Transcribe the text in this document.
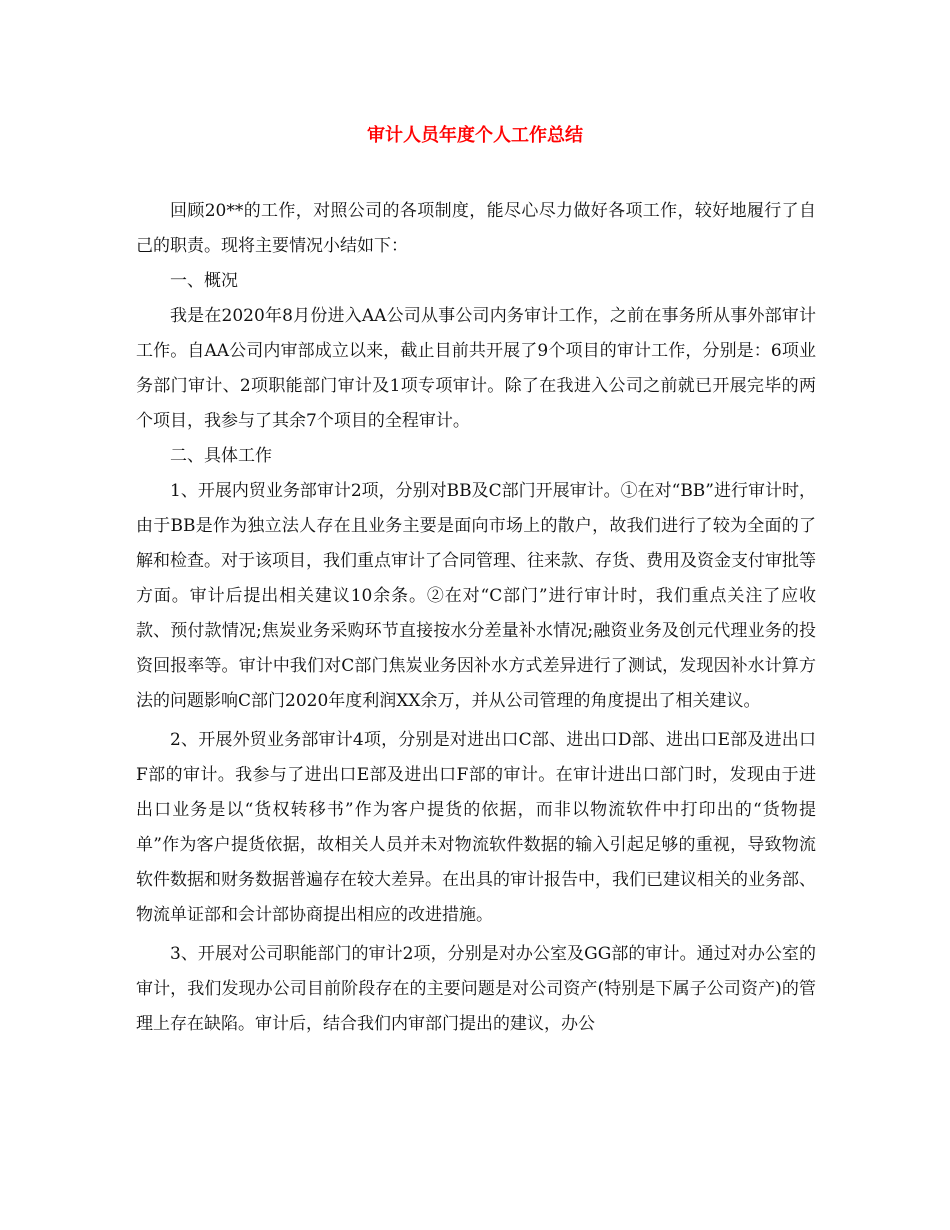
审计人员年度个人工作总结

回顾20**的工作，对照公司的各项制度，能尽心尽力做好各项工作，较好地履行了自己的职责。现将主要情况小结如下：

一、概况

我是在2020年8月份进入AA公司从事公司内务审计工作，之前在事务所从事外部审计工作。自AA公司内审部成立以来，截止目前共开展了9个项目的审计工作，分别是：6项业务部门审计、2项职能部门审计及1项专项审计。除了在我进入公司之前就已开展完毕的两个项目，我参与了其余7个项目的全程审计。

二、具体工作

1、开展内贸业务部审计2项，分别对BB及C部门开展审计。①在对“BB”进行审计时，由于BB是作为独立法人存在且业务主要是面向市场上的散户，故我们进行了较为全面的了解和检查。对于该项目，我们重点审计了合同管理、往来款、存货、费用及资金支付审批等方面。审计后提出相关建议10余条。②在对“C部门”进行审计时，我们重点关注了应收款、预付款情况;焦炭业务采购环节直接按水分差量补水情况;融资业务及创元代理业务的投资回报率等。审计中我们对C部门焦炭业务因补水方式差异进行了测试，发现因补水计算方法的问题影响C部门2020年度利润XX余万，并从公司管理的角度提出了相关建议。

2、开展外贸业务部审计4项，分别是对进出口C部、进出口D部、进出口E部及进出口F部的审计。我参与了进出口E部及进出口F部的审计。在审计进出口部门时，发现由于进出口业务是以“货权转移书”作为客户提货的依据，而非以物流软件中打印出的“货物提单”作为客户提货依据，故相关人员并未对物流软件数据的输入引起足够的重视，导致物流软件数据和财务数据普遍存在较大差异。在出具的审计报告中，我们已建议相关的业务部、物流单证部和会计部协商提出相应的改进措施。

3、开展对公司职能部门的审计2项，分别是对办公室及GG部的审计。通过对办公室的审计，我们发现办公司目前阶段存在的主要问题是对公司资产(特别是下属子公司资产)的管理上存在缺陷。审计后，结合我们内审部门提出的建议，办公
